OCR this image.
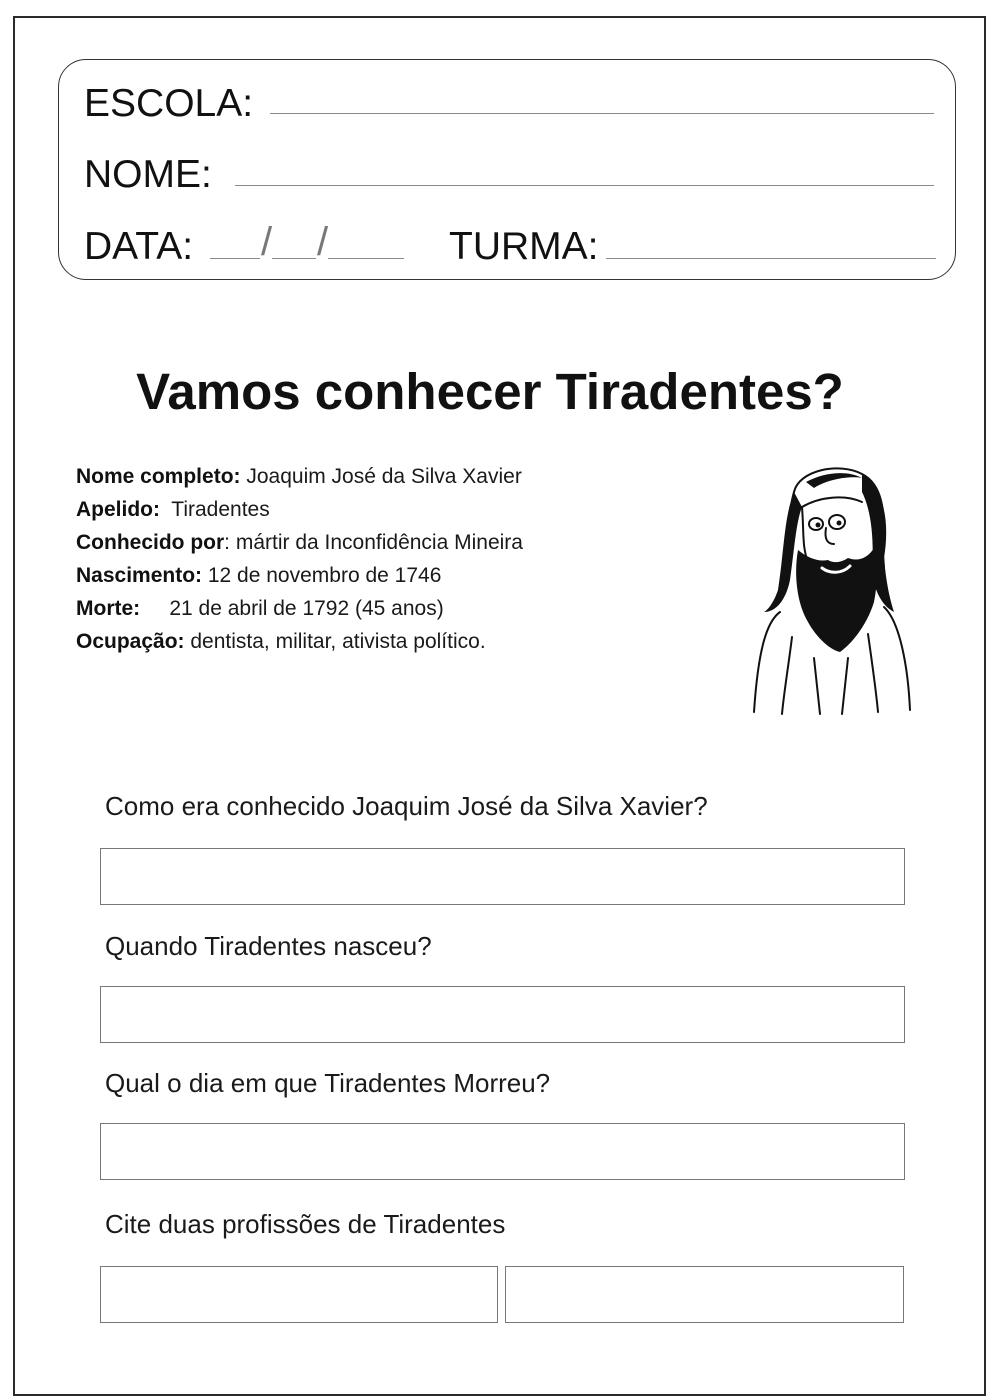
ESCOLA:
NOME:
DATA: / /	TURMA:
Vamos conhecer Tiradentes?
Nome completo: Joaquim José da Silva Xavier
Apelido:  Tiradentes
Conhecido por: mártir da Inconfidência Mineira
Nascimento: 12 de novembro de 1746
Morte:     21 de abril de 1792 (45 anos)
Ocupação: dentista, militar, ativista político.
Como era conhecido Joaquim José da Silva Xavier?
Quando Tiradentes nasceu?
Qual o dia em que Tiradentes Morreu?
Cite duas profissões de Tiradentes
